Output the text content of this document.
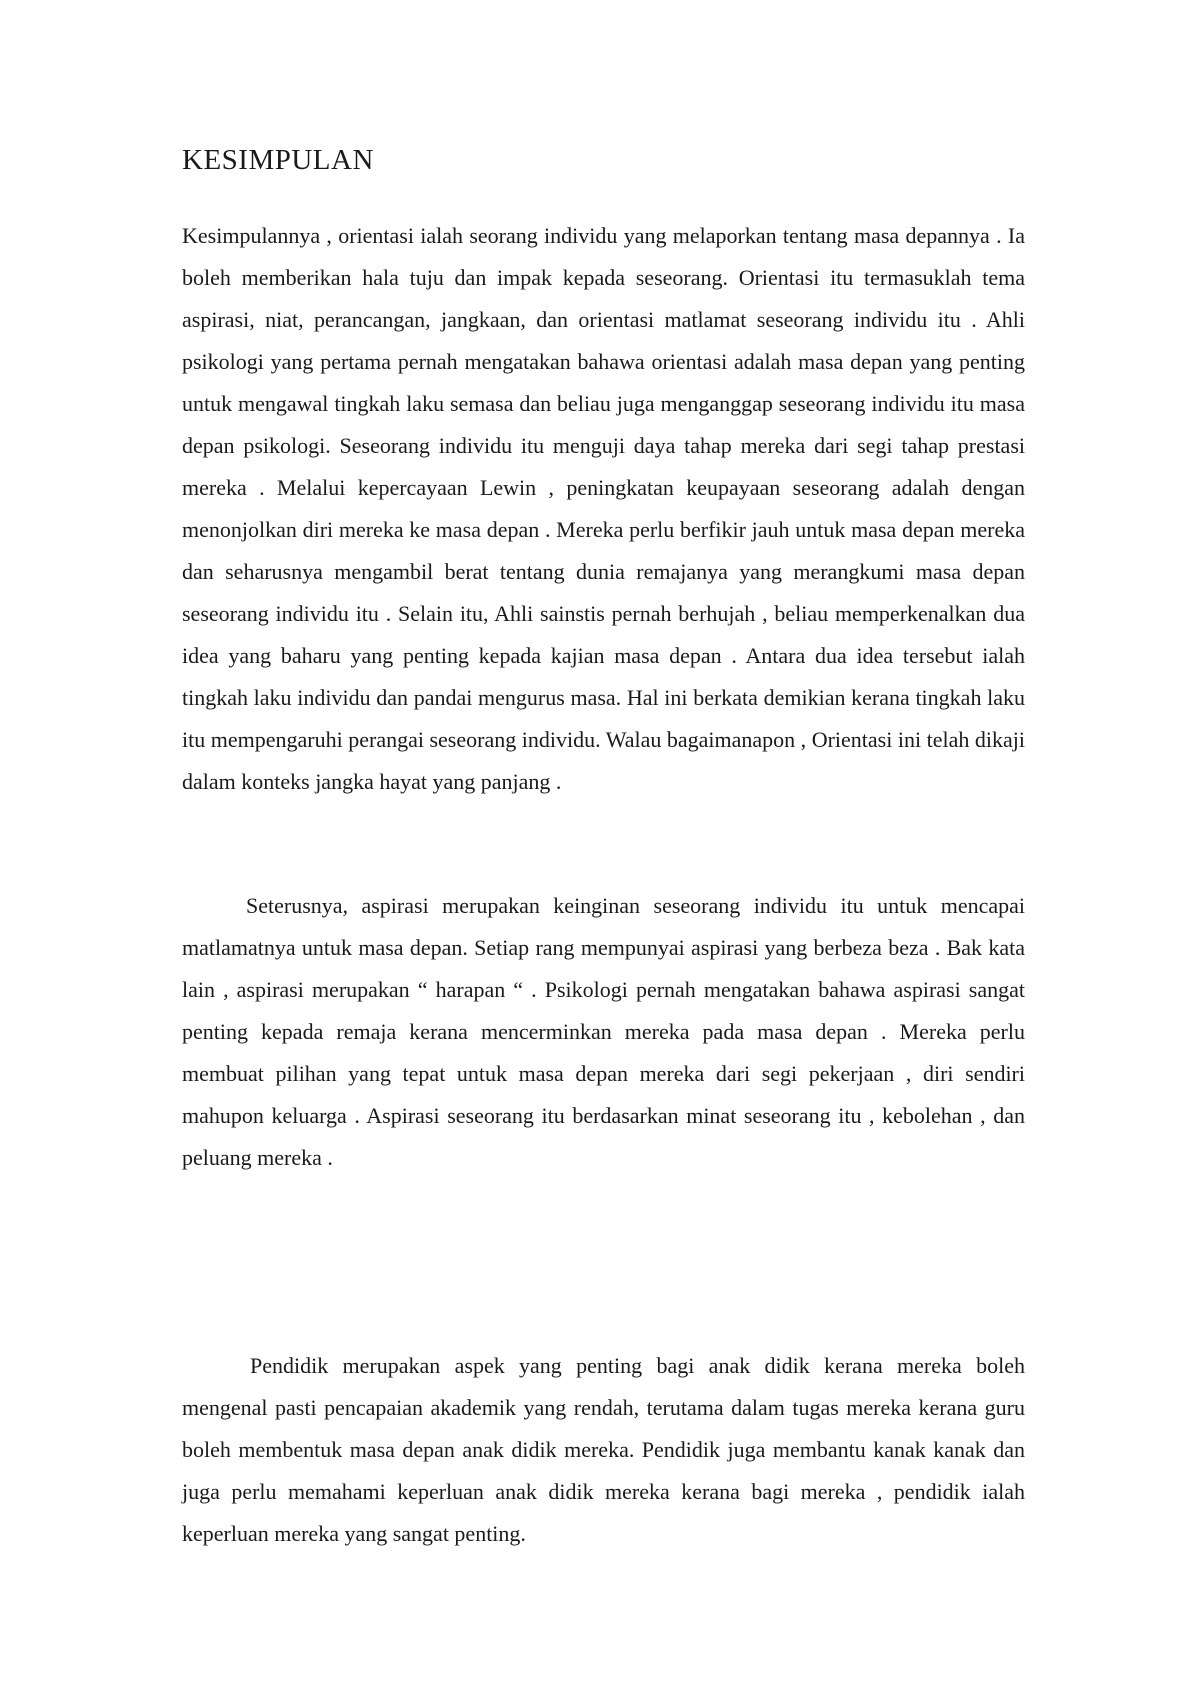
KESIMPULAN

Kesimpulannya , orientasi ialah seorang individu yang melaporkan tentang masa depannya . Ia boleh memberikan hala tuju dan impak kepada seseorang. Orientasi itu termasuklah tema aspirasi, niat, perancangan, jangkaan, dan orientasi matlamat seseorang individu itu . Ahli psikologi yang pertama pernah mengatakan bahawa orientasi adalah masa depan yang penting untuk mengawal tingkah laku semasa dan beliau juga menganggap seseorang individu itu masa depan psikologi. Seseorang individu itu menguji daya tahap mereka dari segi tahap prestasi mereka . Melalui kepercayaan Lewin , peningkatan keupayaan seseorang adalah dengan menonjolkan diri mereka ke masa depan . Mereka perlu berfikir jauh untuk masa depan mereka dan seharusnya mengambil berat tentang dunia remajanya yang merangkumi masa depan seseorang individu itu . Selain itu, Ahli sainstis pernah berhujah , beliau memperkenalkan dua idea yang baharu yang penting kepada kajian masa depan . Antara dua idea tersebut ialah tingkah laku individu dan pandai mengurus masa. Hal ini berkata demikian kerana tingkah laku itu mempengaruhi perangai seseorang individu. Walau bagaimanapon , Orientasi ini telah dikaji dalam konteks jangka hayat yang panjang .

Seterusnya, aspirasi merupakan keinginan seseorang individu itu untuk mencapai matlamatnya untuk masa depan. Setiap rang mempunyai aspirasi yang berbeza beza . Bak kata lain , aspirasi merupakan “ harapan “ . Psikologi pernah mengatakan bahawa aspirasi sangat penting kepada remaja kerana mencerminkan mereka pada masa depan . Mereka perlu membuat pilihan yang tepat untuk masa depan mereka dari segi pekerjaan , diri sendiri mahupon keluarga . Aspirasi seseorang itu berdasarkan minat seseorang itu , kebolehan , dan peluang mereka .

Pendidik merupakan aspek yang penting bagi anak didik kerana mereka boleh mengenal pasti pencapaian akademik yang rendah, terutama dalam tugas mereka kerana guru boleh membentuk masa depan anak didik mereka. Pendidik juga membantu kanak kanak dan juga perlu memahami keperluan anak didik mereka kerana bagi mereka , pendidik ialah keperluan mereka yang sangat penting.
